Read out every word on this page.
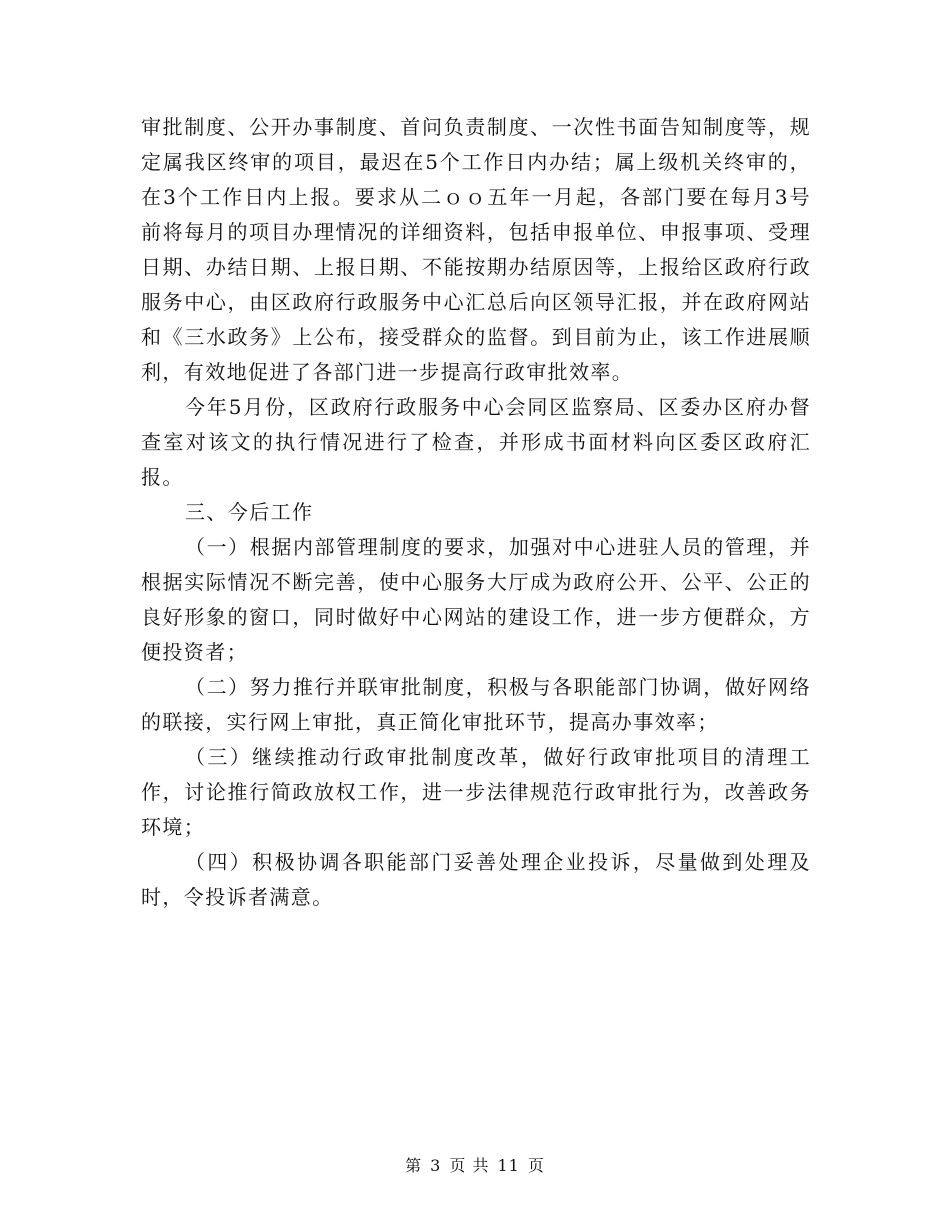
审批制度、公开办事制度、首问负责制度、一次性书面告知制度等，规定属我区终审的项目，最迟在5个工作日内办结；属上级机关终审的，在3个工作日内上报。要求从二ｏｏ五年一月起，各部门要在每月3号前将每月的项目办理情况的详细资料，包括申报单位、申报事项、受理日期、办结日期、上报日期、不能按期办结原因等，上报给区政府行政服务中心，由区政府行政服务中心汇总后向区领导汇报，并在政府网站和《三水政务》上公布，接受群众的监督。到目前为止，该工作进展顺利，有效地促进了各部门进一步提高行政审批效率。

今年5月份，区政府行政服务中心会同区监察局、区委办区府办督查室对该文的执行情况进行了检查，并形成书面材料向区委区政府汇报。

三、今后工作

（一）根据内部管理制度的要求，加强对中心进驻人员的管理，并根据实际情况不断完善，使中心服务大厅成为政府公开、公平、公正的良好形象的窗口，同时做好中心网站的建设工作，进一步方便群众，方便投资者；

（二）努力推行并联审批制度，积极与各职能部门协调，做好网络的联接，实行网上审批，真正简化审批环节，提高办事效率；

（三）继续推动行政审批制度改革，做好行政审批项目的清理工作，讨论推行简政放权工作，进一步法律规范行政审批行为，改善政务环境；

（四）积极协调各职能部门妥善处理企业投诉，尽量做到处理及时，令投诉者满意。

第 3 页 共 11 页
